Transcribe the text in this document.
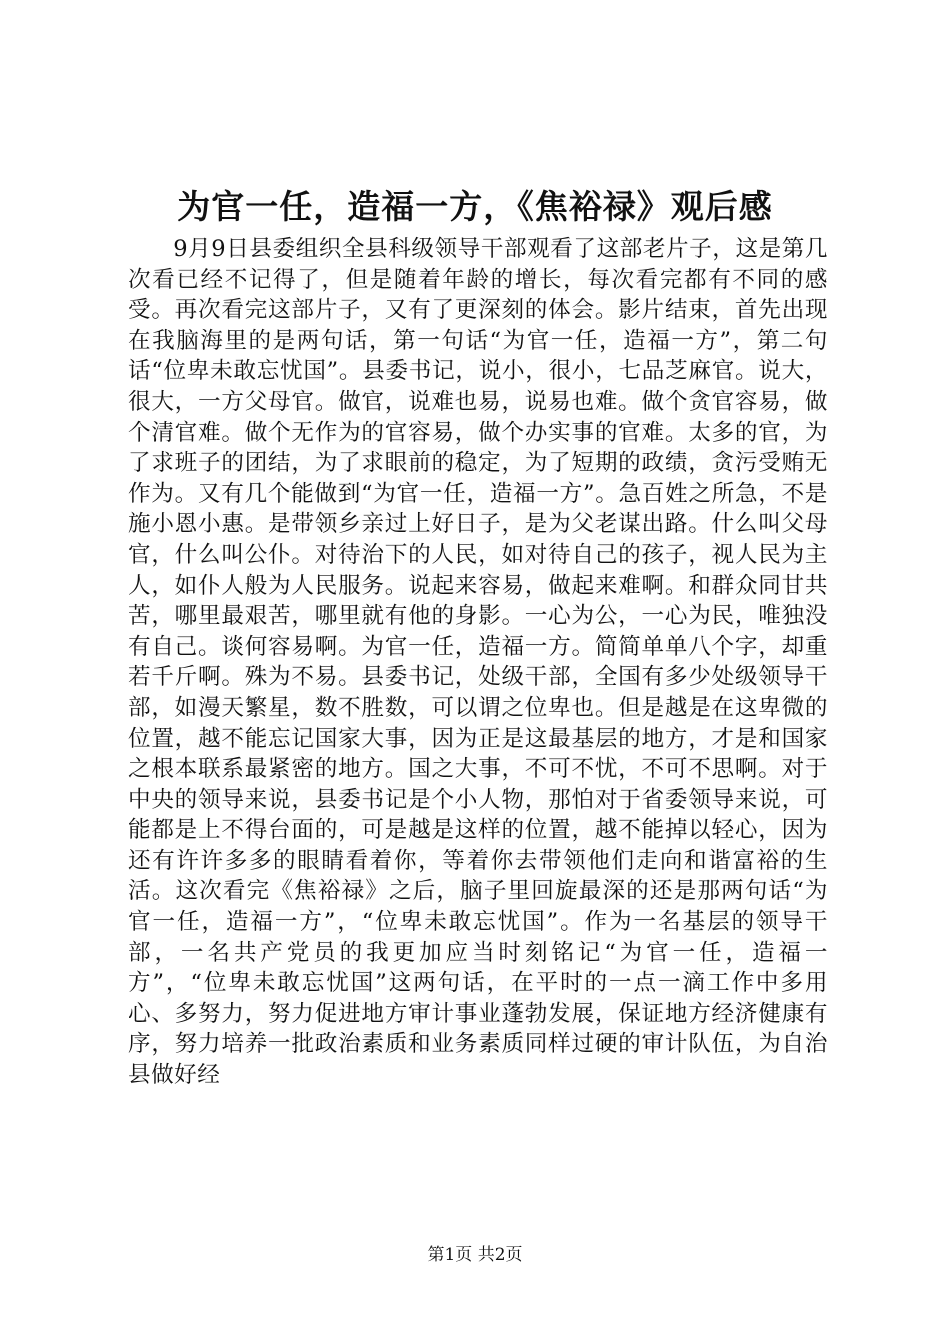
为官一任，造福一方，《焦裕禄》观后感

9月9日县委组织全县科级领导干部观看了这部老片子，这是第几次看已经不记得了，但是随着年龄的增长，每次看完都有不同的感受。再次看完这部片子，又有了更深刻的体会。影片结束，首先出现在我脑海里的是两句话，第一句话“为官一任，造福一方”，第二句话“位卑未敢忘忧国”。县委书记，说小，很小，七品芝麻官。说大，很大，一方父母官。做官，说难也易，说易也难。做个贪官容易，做个清官难。做个无作为的官容易，做个办实事的官难。太多的官，为了求班子的团结，为了求眼前的稳定，为了短期的政绩，贪污受贿无作为。又有几个能做到“为官一任，造福一方”。急百姓之所急，不是施小恩小惠。是带领乡亲过上好日子，是为父老谋出路。什么叫父母官，什么叫公仆。对待治下的人民，如对待自己的孩子，视人民为主人，如仆人般为人民服务。说起来容易，做起来难啊。和群众同甘共苦，哪里最艰苦，哪里就有他的身影。一心为公，一心为民，唯独没有自己。谈何容易啊。为官一任，造福一方。简简单单八个字，却重若千斤啊。殊为不易。县委书记，处级干部，全国有多少处级领导干部，如漫天繁星，数不胜数，可以谓之位卑也。但是越是在这卑微的位置，越不能忘记国家大事，因为正是这最基层的地方，才是和国家之根本联系最紧密的地方。国之大事，不可不忧，不可不思啊。对于中央的领导来说，县委书记是个小人物，那怕对于省委领导来说，可能都是上不得台面的，可是越是这样的位置，越不能掉以轻心，因为还有许许多多的眼睛看着你，等着你去带领他们走向和谐富裕的生活。这次看完《焦裕禄》之后，脑子里回旋最深的还是那两句话“为官一任，造福一方”，“位卑未敢忘忧国”。作为一名基层的领导干部，一名共产党员的我更加应当时刻铭记“为官一任，造福一方”，“位卑未敢忘忧国”这两句话，在平时的一点一滴工作中多用心、多努力，努力促进地方审计事业蓬勃发展，保证地方经济健康有序，努力培养一批政治素质和业务素质同样过硬的审计队伍，为自治县做好经

第1页 共2页
